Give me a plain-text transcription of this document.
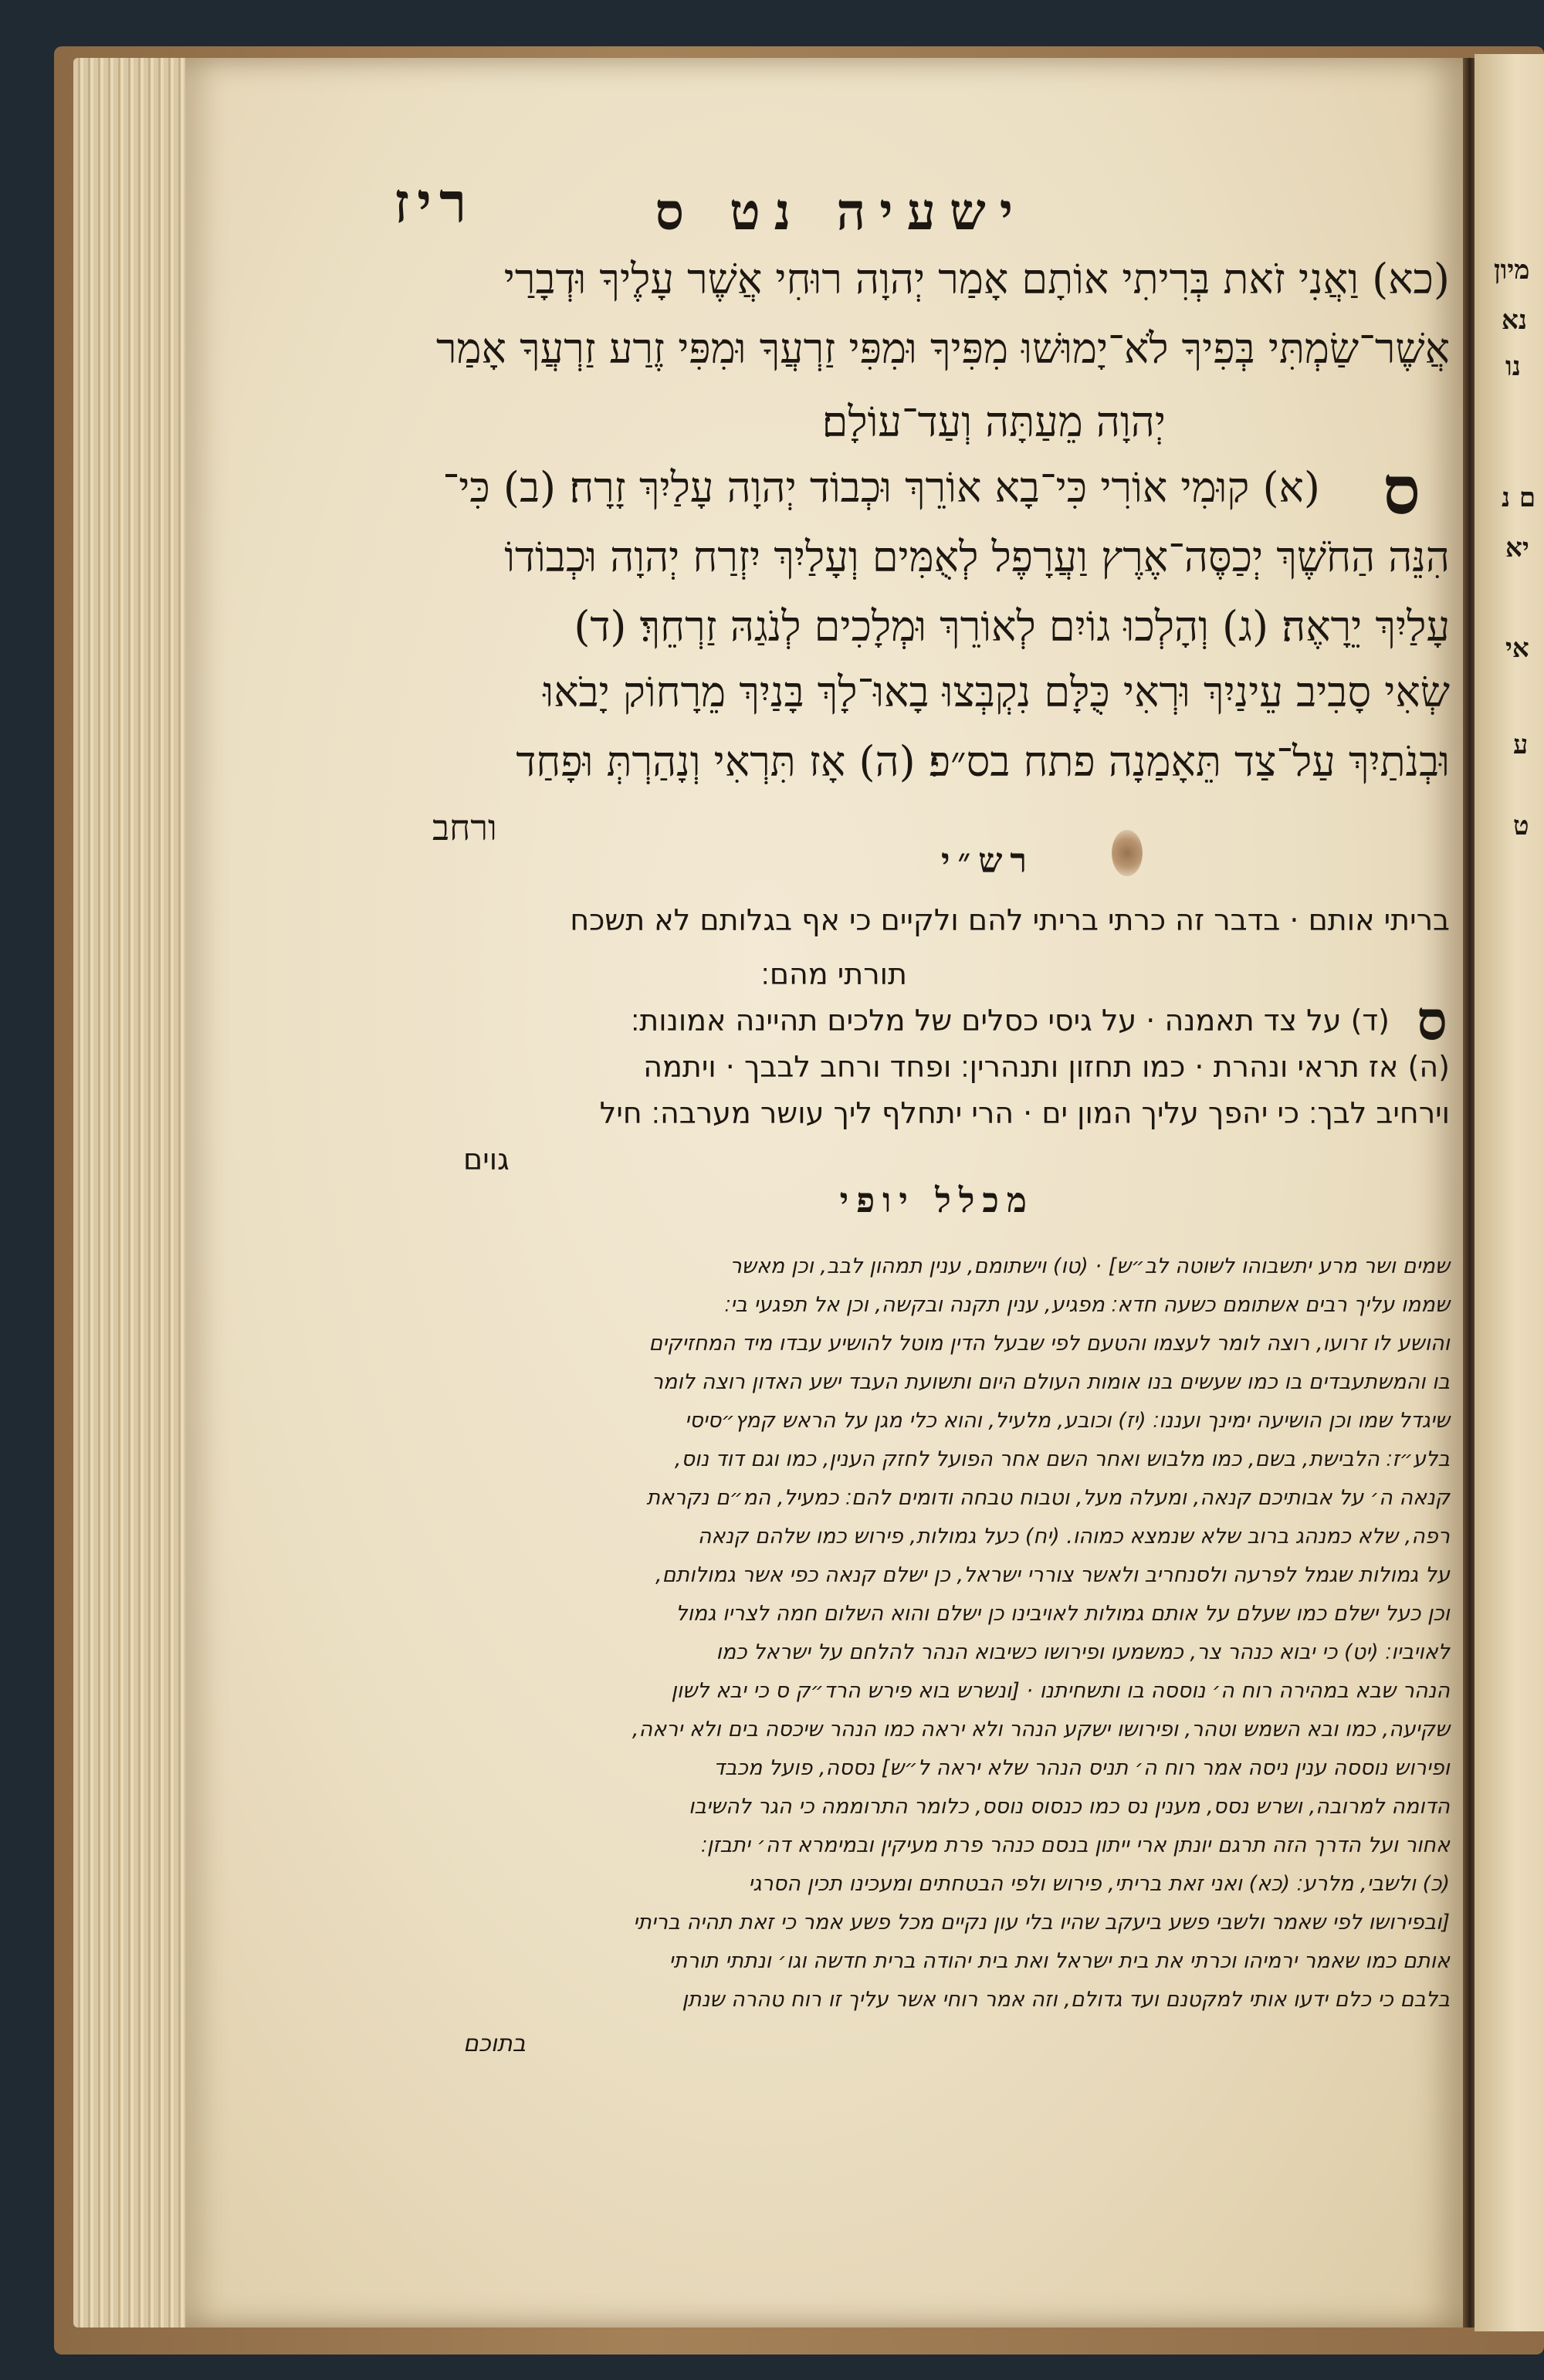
ישעיה נט ס
ריז
(כא) וַאֲנִי זֹאת בְּרִיתִי אוֹתָם אָמַר יְהוָה רוּחִי אֲשֶׁר עָלֶיךָ וּדְבָרַי
אֲשֶׁר־שַׂמְתִּי בְּפִיךָ לֹא־יָמוּשׁוּ מִפִּיךָ וּמִפִּי זַרְעֲךָ וּמִפִּי זֶרַע זַרְעֲךָ אָמַר
יְהוָה מֵעַתָּה וְעַד־עוֹלָם׃
ס
(א) קוּמִי אוֹרִי כִּי־בָא אוֹרֵךְ וּכְבוֹד יְהוָה עָלַיִךְ זָרָח׃ (ב) כִּי־
הִנֵּה הַחֹשֶׁךְ יְכַסֶּה־אֶרֶץ וַעֲרָפֶל לְאֻמִּים וְעָלַיִךְ יִזְרַח יְהוָה וּכְבוֹדוֹ
עָלַיִךְ יֵרָאֶה׃ (ג) וְהָלְכוּ גוֹיִם לְאוֹרֵךְ וּמְלָכִים לְנֹגַהּ זַרְחֵךְ׃ (ד)
שְׂאִי סָבִיב עֵינַיִךְ וּרְאִי כֻּלָּם נִקְבְּצוּ בָאוּ־לָךְ בָּנַיִךְ מֵרָחוֹק יָבֹאוּ
וּבְנֹתַיִךְ עַל־צַד תֵּאָמַנָה פתח בס״פ׃ (ה) אָז תִּרְאִי וְנָהַרְתְּ וּפָחַד
ורחב
רש״י
בריתי אותם · בדבר זה כרתי בריתי להם ולקיים כי אף בגלותם לא תשכח
תורתי מהם׃
ס
(ד) על צד תאמנה · על גיסי כסלים של מלכים תהיינה אמונות׃
(ה) אז תראי ונהרת · כמו תחזון ותנהרין׃ ופחד ורחב לבבך · ויתמה
וירחיב לבך׃ כי יהפך עליך המון ים · הרי יתחלף ליך עושר מערבה׃ חיל
גוים
מכלל יופי
שמים ושר מרע יתשבוהו לשוטה לב״ש] · (טו) וישתומם, ענין תמהון לבב, וכן מאשר
שממו עליך רבים אשתומם כשעה חדא׃ מפגיע, ענין תקנה ובקשה, וכן אל תפגעי בי׃
והושע לו זרועו, רוצה לומר לעצמו והטעם לפי שבעל הדין מוטל להושיע עבדו מיד המחזיקים
בו והמשתעבדים בו כמו שעשים בנו אומות העולם היום ותשועת העבד ישע האדון רוצה לומר
שיגדל שמו וכן הושיעה ימינך ועננו׃ (יז) וכובע, מלעיל, והוא כלי מגן על הראש קמץ״סיסי
בלע״ז׃ הלבישת, בשם, כמו מלבוש ואחר השם אחר הפועל לחזק הענין, כמו וגם דוד נוס,
קנאה ה׳ על אבותיכם קנאה, ומעלה מעל, וטבוח טבחה ודומים להם׃ כמעיל, המ״ם נקראת
רפה, שלא כמנהג ברוב שלא שנמצא כמוהו. (יח) כעל גמולות, פירוש כמו שלהם קנאה
על גמולות שגמל לפרעה ולסנחריב ולאשר צוררי ישראל, כן ישלם קנאה כפי אשר גמולותם,
וכן כעל ישלם כמו שעלם על אותם גמולות לאויבינו כן ישלם והוא השלום חמה לצריו גמול
לאויביו׃ (יט) כי יבוא כנהר צר, כמשמעו ופירושו כשיבוא הנהר להלחם על ישראל כמו
הנהר שבא במהירה רוח ה׳ נוססה בו ותשחיתנו · [ונשרש בוא פירש הרד״ק ס כי יבא לשון
שקיעה, כמו ובא השמש וטהר, ופירושו ישקע הנהר ולא יראה כמו הנהר שיכסה בים ולא יראה,
ופירוש נוססה ענין ניסה אמר רוח ה׳ תניס הנהר שלא יראה ל״ש] נססה, פועל מכבד
הדומה למרובה, ושרש נסס, מענין נס כמו כנסוס נוסס, כלומר התרוממה כי הגר להשיבו
אחור ועל הדרך הזה תרגם יונתן ארי ייתון בנסם כנהר פרת מעיקין ובמימרא דה׳ יתבזן׃
(כ) ולשבי, מלרע׃ (כא) ואני זאת בריתי, פירוש ולפי הבטחתים ומעכינו תכין הסרגי
[ובפירושו לפי שאמר ולשבי פשע ביעקב שהיו בלי עון נקיים מכל פשע אמר כי זאת תהיה בריתי
אותם כמו שאמר ירמיהו וכרתי את בית ישראל ואת בית יהודה ברית חדשה וגו׳ ונתתי תורתי
בלבם כי כלם ידעו אותי למקטנם ועד גדולם, וזה אמר רוחי אשר עליך זו רוח טהרה שנתן
בתוכם
מיון
נא
נו
ם נ
יא
אי
ע
ט
